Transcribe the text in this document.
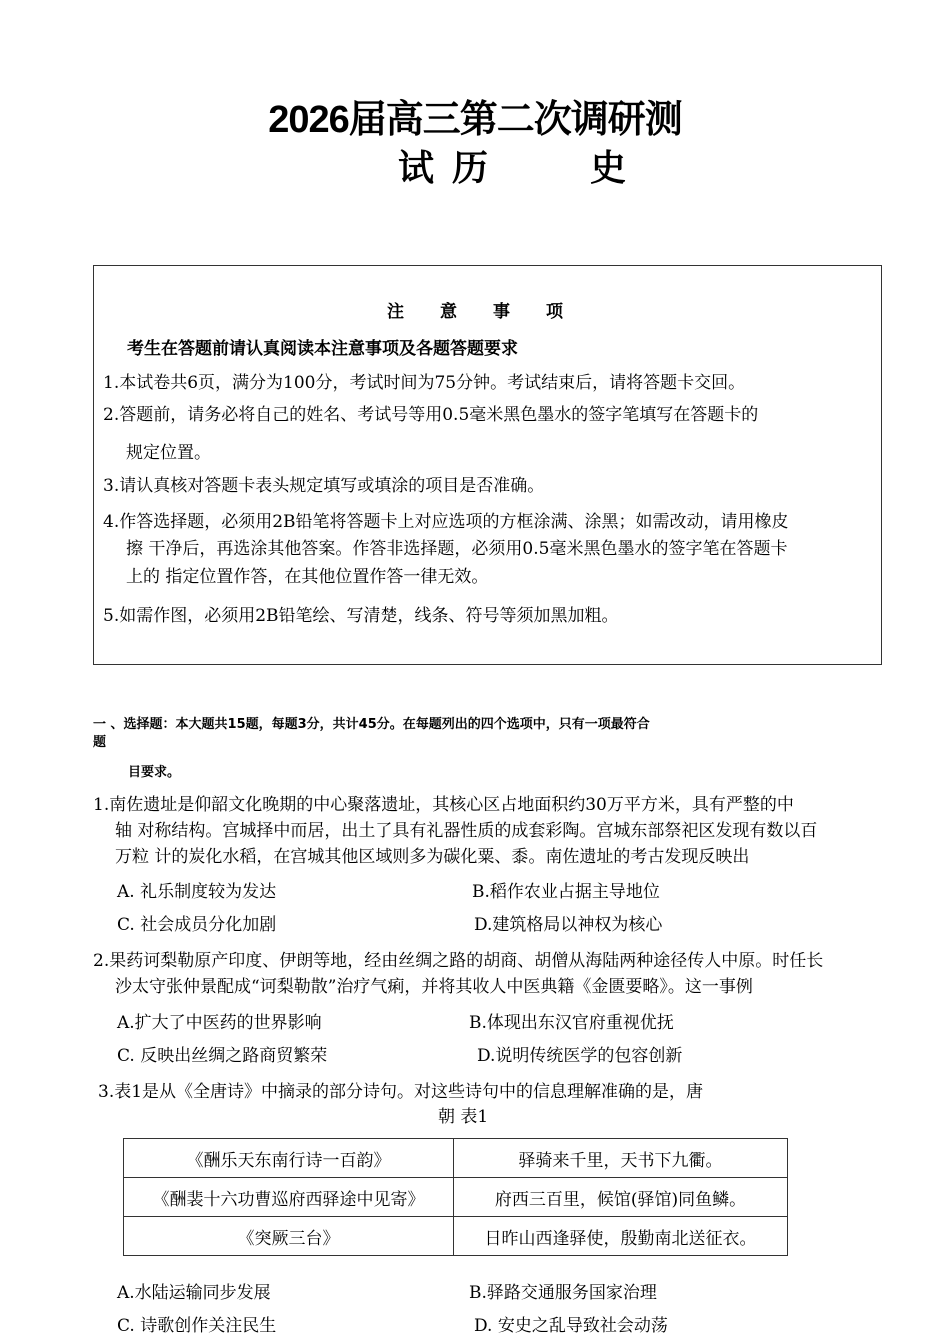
2026届高三第二次调研测
试 历	史
注 意 事 项
考生在答题前请认真阅读本注意事项及各题答题要求
1.本试卷共6页，满分为100分，考试时间为75分钟。考试结束后，请将答题卡交回。
2.答题前，请务必将自己的姓名、考试号等用0.5毫米黑色墨水的签字笔填写在答题卡的
规定位置。
3.请认真核对答题卡表头规定填写或填涂的项目是否准确。
4.作答选择题，必须用2B铅笔将答题卡上对应选项的方框涂满、涂黑；如需改动，请用橡皮
擦 干净后，再选涂其他答案。作答非选择题，必须用0.5毫米黑色墨水的签字笔在答题卡
上的 指定位置作答，在其他位置作答一律无效。
5.如需作图，必须用2B铅笔绘、写清楚，线条、符号等须加黑加粗。
一 、选择题：本大题共15题，每题3分，共计45分。在每题列出的四个选项中，只有一项最符合
题
目要求。
1.南佐遗址是仰韶文化晚期的中心聚落遗址，其核心区占地面积约30万平方米，具有严整的中
轴 对称结构。宫城择中而居，出土了具有礼器性质的成套彩陶。宫城东部祭祀区发现有数以百
万粒 计的炭化水稻，在宫城其他区域则多为碳化粟、黍。南佐遗址的考古发现反映出
A. 礼乐制度较为发达	B.稻作农业占据主导地位
C. 社会成员分化加剧	D.建筑格局以神权为核心
2.果药诃梨勒原产印度、伊朗等地，经由丝绸之路的胡商、胡僧从海陆两种途径传人中原。时任长
沙太守张仲景配成“诃梨勒散”治疗气痢，并将其收人中医典籍《金匮要略》。这一事例
A.扩大了中医药的世界影响	B.体现出东汉官府重视优抚
C. 反映出丝绸之路商贸繁荣	D.说明传统医学的包容创新
3.表1是从《全唐诗》中摘录的部分诗句。对这些诗句中的信息理解准确的是，唐
朝 表1
《酬乐天东南行诗一百韵》	驿骑来千里，天书下九衢。
《酬裴十六功曹巡府西驿途中见寄》	府西三百里，候馆(驿馆)同鱼鳞。
《突厥三台》	日昨山西逢驿使，殷勤南北送征衣。
A.水陆运输同步发展	B.驿路交通服务国家治理
C. 诗歌创作关注民生	D. 安史之乱导致社会动荡
